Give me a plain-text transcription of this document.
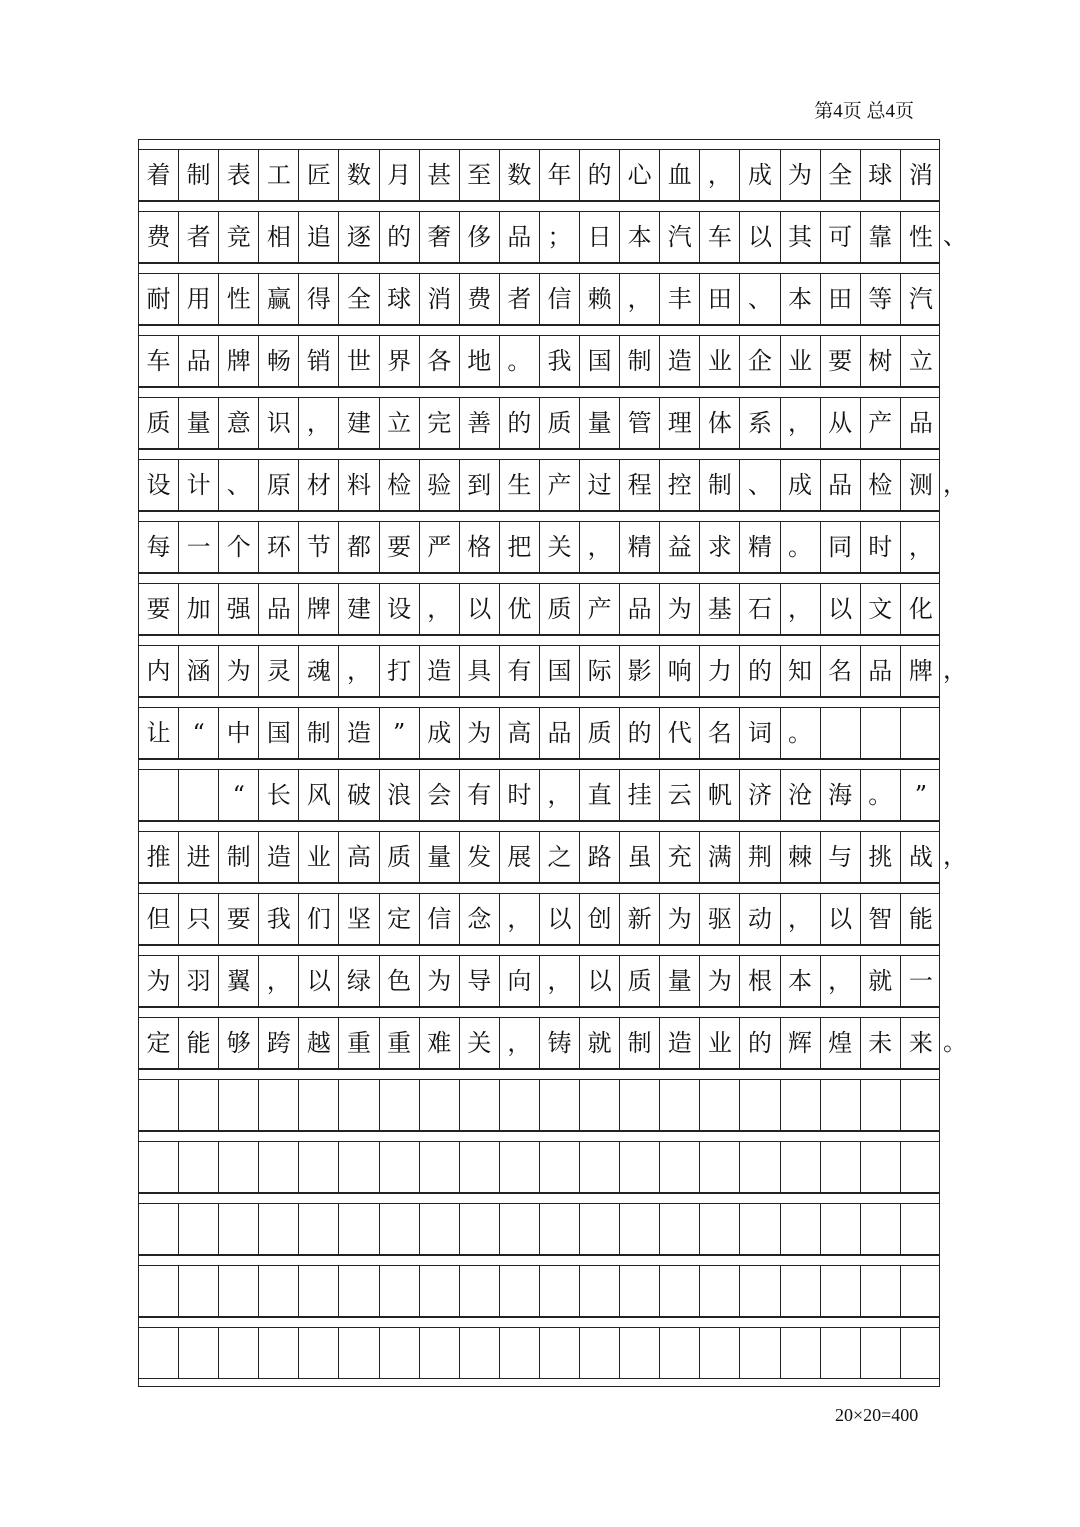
第4页 总4页
着 制 表 工 匠 数 月 甚 至 数 年 的 心 血 ， 成 为 全 球 消
费 者 竞 相 追 逐 的 奢 侈 品 ； 日 本 汽 车 以 其 可 靠 性 、
耐 用 性 赢 得 全 球 消 费 者 信 赖 ， 丰 田 、 本 田 等 汽
车 品 牌 畅 销 世 界 各 地 。 我 国 制 造 业 企 业 要 树 立
质 量 意 识 ， 建 立 完 善 的 质 量 管 理 体 系 ， 从 产 品
设 计 、 原 材 料 检 验 到 生 产 过 程 控 制 、 成 品 检 测 ，
每 一 个 环 节 都 要 严 格 把 关 ， 精 益 求 精 。 同 时 ，
要 加 强 品 牌 建 设 ， 以 优 质 产 品 为 基 石 ， 以 文 化
内 涵 为 灵 魂 ， 打 造 具 有 国 际 影 响 力 的 知 名 品 牌 ，
让 “ 中 国 制 造 ” 成 为 高 品 质 的 代 名 词 。
“ 长 风 破 浪 会 有 时 ， 直 挂 云 帆 济 沧 海 。 ”
推 进 制 造 业 高 质 量 发 展 之 路 虽 充 满 荆 棘 与 挑 战 ，
但 只 要 我 们 坚 定 信 念 ， 以 创 新 为 驱 动 ， 以 智 能
为 羽 翼 ， 以 绿 色 为 导 向 ， 以 质 量 为 根 本 ， 就 一
定 能 够 跨 越 重 重 难 关 ， 铸 就 制 造 业 的 辉 煌 未 来 。
20×20=400
